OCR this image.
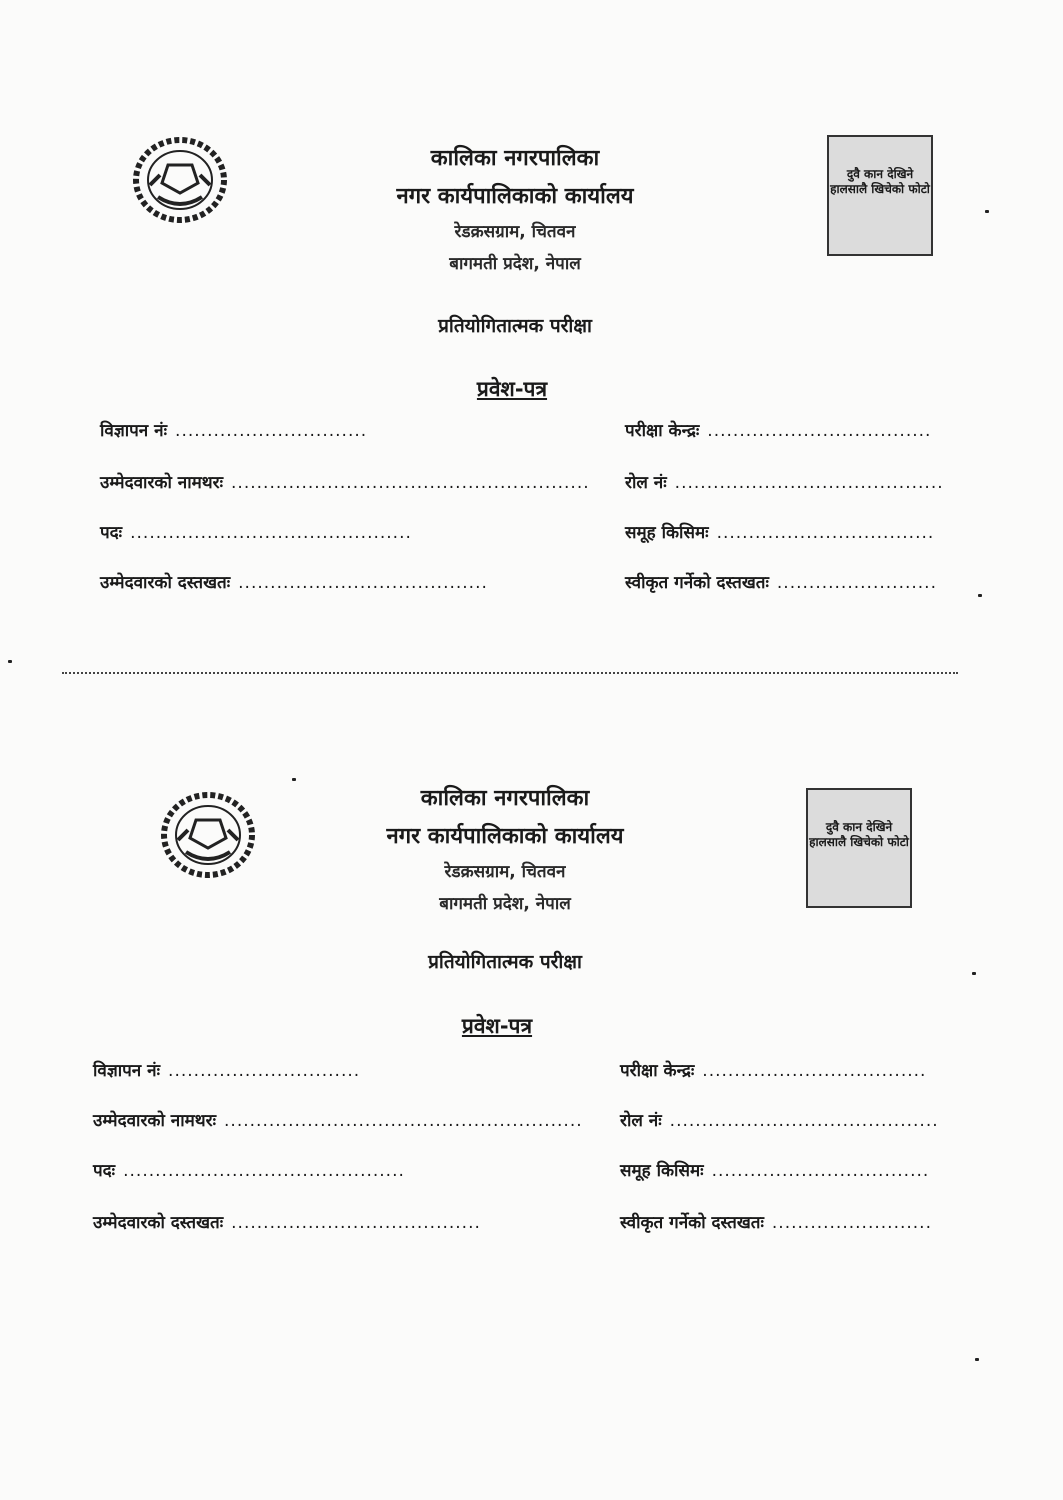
कालिका नगरपालिका
नगर कार्यपालिकाको कार्यालय
रेडक्रसग्राम, चितवन
बागमती प्रदेश, नेपाल
दुवै कान देखिने हालसालै खिचेको फोटो
प्रतियोगितात्मक परीक्षा
प्रवेश-पत्र
विज्ञापन नंः ..............................
उम्मेदवारको नामथरः ........................................................
पदः ............................................
उम्मेदवारको दस्तखतः .......................................
परीक्षा केन्द्रः ...................................
रोल नंः ..........................................
समूह किसिमः ..................................
स्वीकृत गर्नेको दस्तखतः .........................
कालिका नगरपालिका
नगर कार्यपालिकाको कार्यालय
रेडक्रसग्राम, चितवन
बागमती प्रदेश, नेपाल
दुवै कान देखिने हालसालै खिचेको फोटो
प्रतियोगितात्मक परीक्षा
प्रवेश-पत्र
विज्ञापन नंः ..............................
उम्मेदवारको नामथरः ........................................................
पदः ............................................
उम्मेदवारको दस्तखतः .......................................
परीक्षा केन्द्रः ...................................
रोल नंः ..........................................
समूह किसिमः ..................................
स्वीकृत गर्नेको दस्तखतः .........................
